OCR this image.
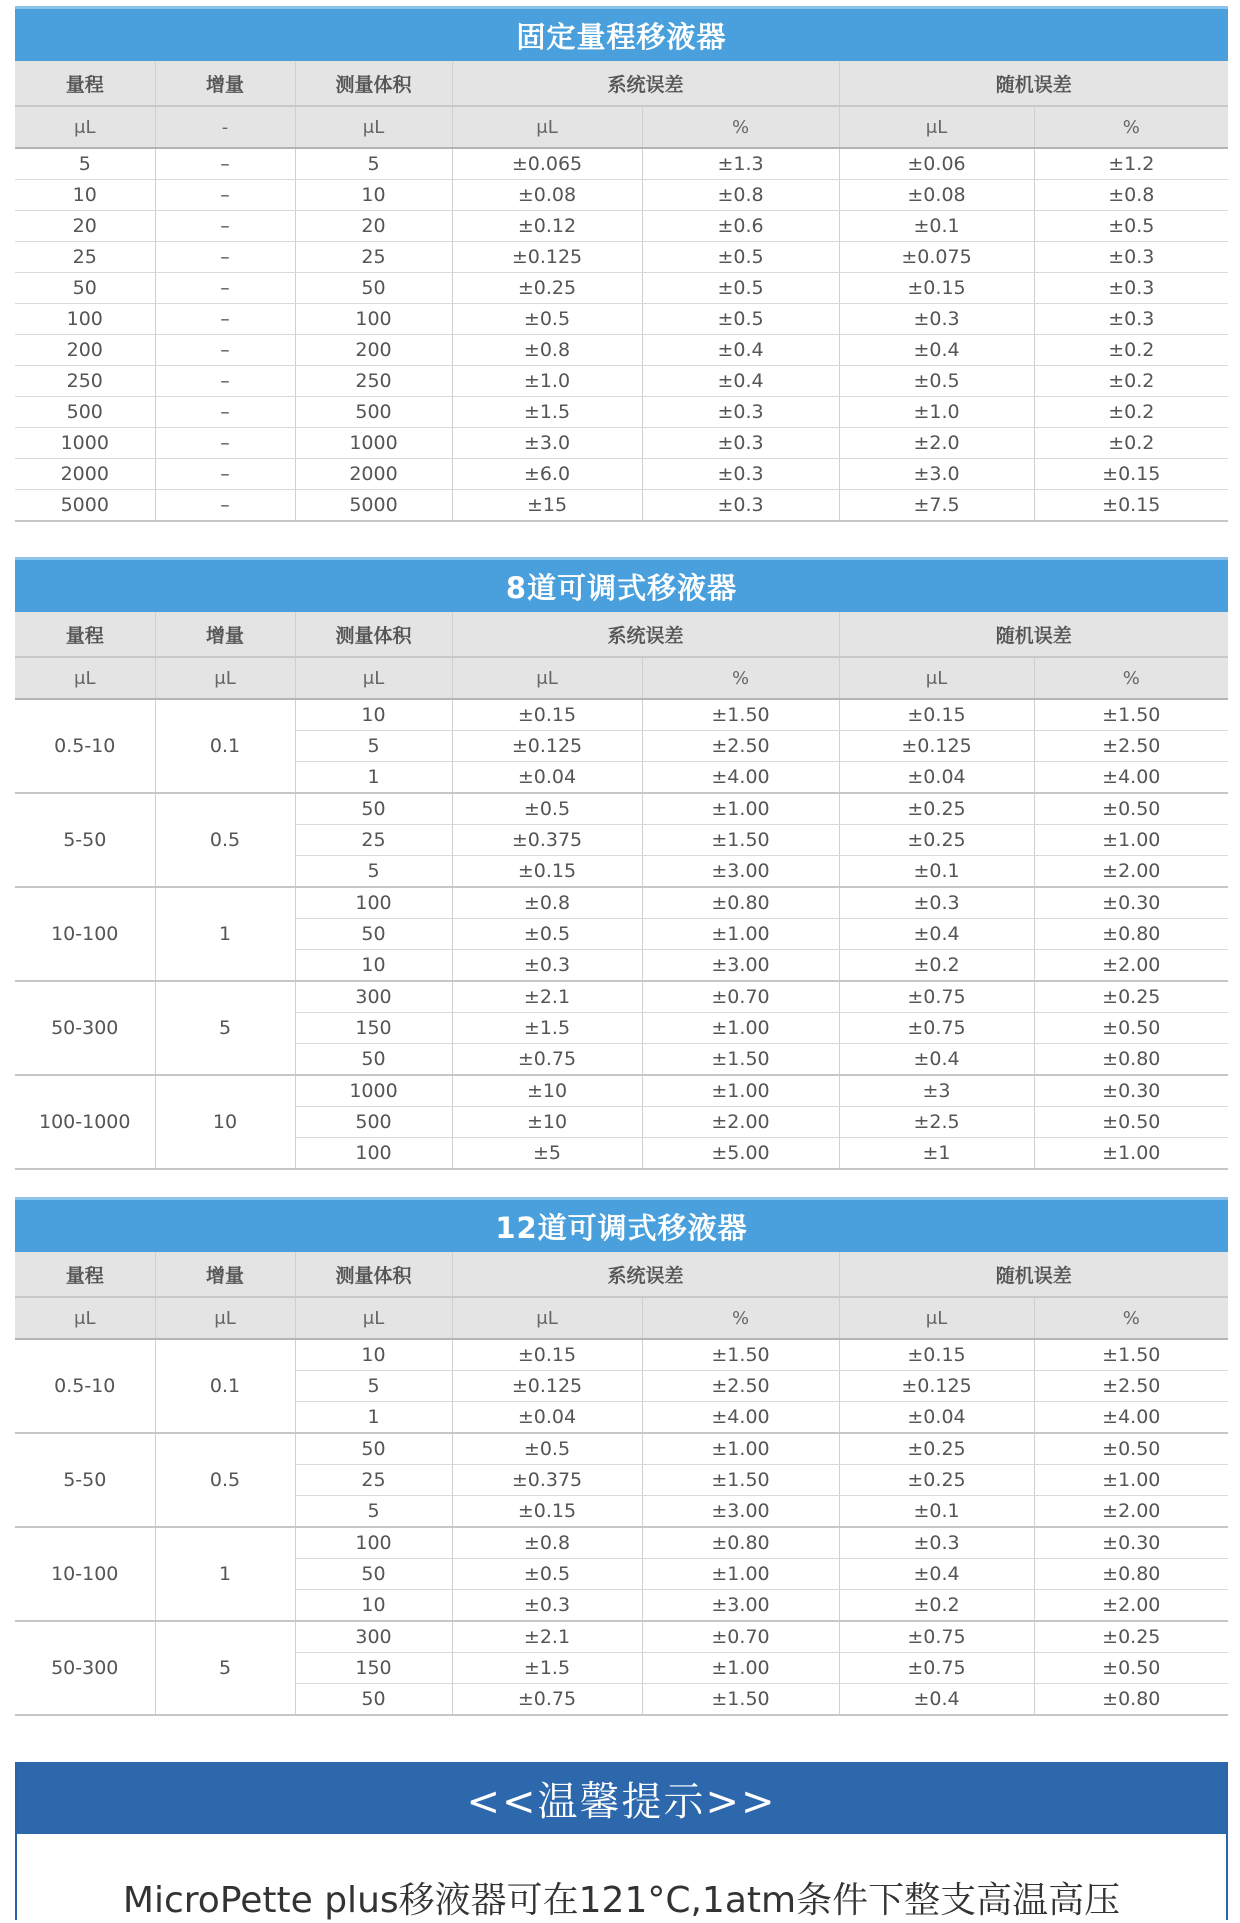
固定量程移液器
量程	增量	测量体积	系统误差		随机误差	
μL	-	μL	μL	%	μL	%
5	–	5	±0.065	±1.3	±0.06	±1.2
10	–	10	±0.08	±0.8	±0.08	±0.8
20	–	20	±0.12	±0.6	±0.1	±0.5
25	–	25	±0.125	±0.5	±0.075	±0.3
50	–	50	±0.25	±0.5	±0.15	±0.3
100	–	100	±0.5	±0.5	±0.3	±0.3
200	–	200	±0.8	±0.4	±0.4	±0.2
250	–	250	±1.0	±0.4	±0.5	±0.2
500	–	500	±1.5	±0.3	±1.0	±0.2
1000	–	1000	±3.0	±0.3	±2.0	±0.2
2000	–	2000	±6.0	±0.3	±3.0	±0.15
5000	–	5000	±15	±0.3	±7.5	±0.15
8道可调式移液器
量程	增量	测量体积	系统误差		随机误差	
μL	μL	μL	μL	%	μL	%
0.5-10	0.1	10	±0.15	±1.50	±0.15	±1.50
		5	±0.125	±2.50	±0.125	±2.50
		1	±0.04	±4.00	±0.04	±4.00
5-50	0.5	50	±0.5	±1.00	±0.25	±0.50
		25	±0.375	±1.50	±0.25	±1.00
		5	±0.15	±3.00	±0.1	±2.00
10-100	1	100	±0.8	±0.80	±0.3	±0.30
		50	±0.5	±1.00	±0.4	±0.80
		10	±0.3	±3.00	±0.2	±2.00
50-300	5	300	±2.1	±0.70	±0.75	±0.25
		150	±1.5	±1.00	±0.75	±0.50
		50	±0.75	±1.50	±0.4	±0.80
100-1000	10	1000	±10	±1.00	±3	±0.30
		500	±10	±2.00	±2.5	±0.50
		100	±5	±5.00	±1	±1.00
12道可调式移液器
量程	增量	测量体积	系统误差		随机误差	
μL	μL	μL	μL	%	μL	%
0.5-10	0.1	10	±0.15	±1.50	±0.15	±1.50
		5	±0.125	±2.50	±0.125	±2.50
		1	±0.04	±4.00	±0.04	±4.00
5-50	0.5	50	±0.5	±1.00	±0.25	±0.50
		25	±0.375	±1.50	±0.25	±1.00
		5	±0.15	±3.00	±0.1	±2.00
10-100	1	100	±0.8	±0.80	±0.3	±0.30
		50	±0.5	±1.00	±0.4	±0.80
		10	±0.3	±3.00	±0.2	±2.00
50-300	5	300	±2.1	±0.70	±0.75	±0.25
		150	±1.5	±1.00	±0.75	±0.50
		50	±0.75	±1.50	±0.4	±0.80
<<温馨提示>>
MicroPette plus移液器可在121°C,1atm条件下整支高温高压
